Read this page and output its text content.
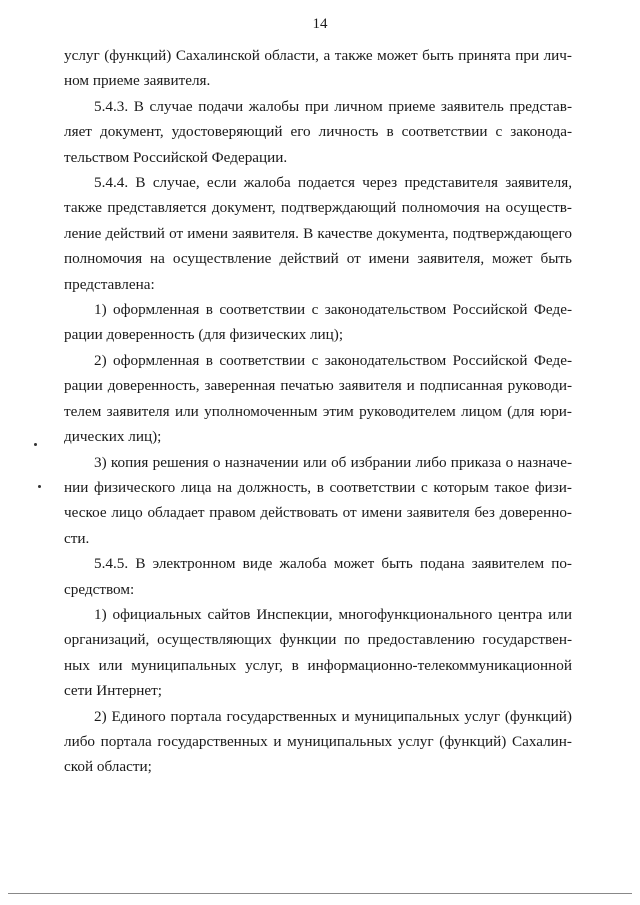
14

услуг (функций) Сахалинской области, а также может быть принята при лич-
ном приеме заявителя.

5.4.3. В случае подачи жалобы при личном приеме заявитель представ-
ляет документ, удостоверяющий его личность в соответствии с законода-
тельством Российской Федерации.

5.4.4. В случае, если жалоба подается через представителя заявителя,
также представляется документ, подтверждающий полномочия на осуществ-
ление действий от имени заявителя. В качестве документа, подтверждающего
полномочия на осуществление действий от имени заявителя, может быть
представлена:

1) оформленная в соответствии с законодательством Российской Феде-
рации доверенность (для физических лиц);

2) оформленная в соответствии с законодательством Российской Феде-
рации доверенность, заверенная печатью заявителя и подписанная руководи-
телем заявителя или уполномоченным этим руководителем лицом (для юри-
дических лиц);

3) копия решения о назначении или об избрании либо приказа о назначе-
нии физического лица на должность, в соответствии с которым такое физи-
ческое лицо обладает правом действовать от имени заявителя без доверенно-
сти.

5.4.5. В электронном виде жалоба может быть подана заявителем по-
средством:

1) официальных сайтов Инспекции, многофункционального центра или
организаций, осуществляющих функции по предоставлению государствен-
ных или муниципальных услуг, в информационно-телекоммуникационной
сети Интернет;

2) Единого портала государственных и муниципальных услуг (функций)
либо портала государственных и муниципальных услуг (функций) Сахалин-
ской области;
